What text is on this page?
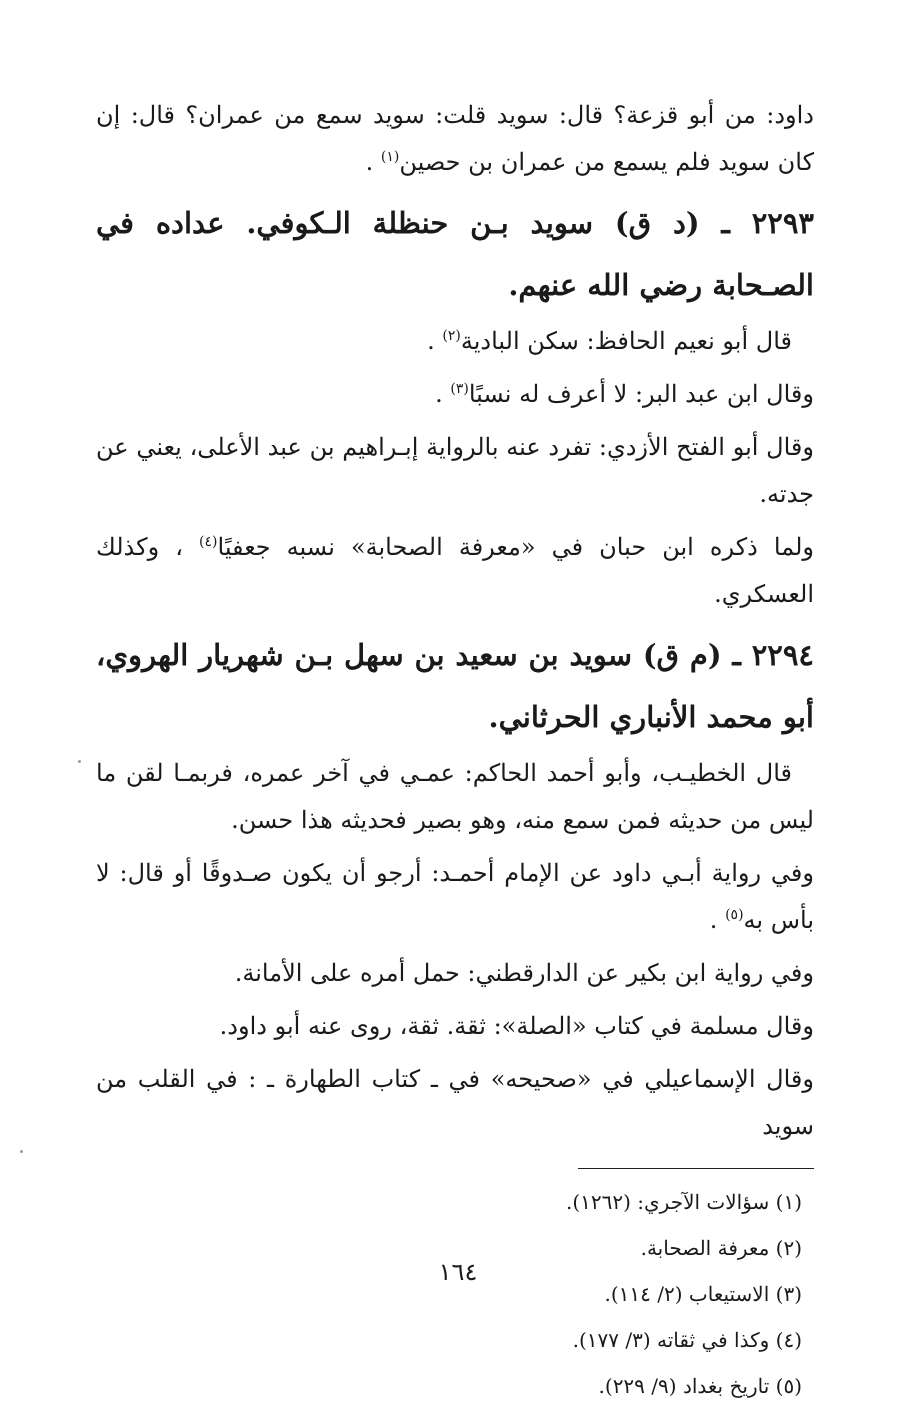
داود: من أبو قزعة؟ قال: سويد قلت: سويد سمع من عمران؟ قال: إن كان سويد فلم يسمع من عمران بن حصين$^{(١)}$ .

٢٢٩٣ ـ (د ق) سويد بـن حنظلة الـكوفي. عداده في الصـحابة رضي الله عنهم.

قال أبو نعيم الحافظ: سكن البادية$^{(٢)}$ .

وقال ابن عبد البر: لا أعرف له نسبًا$^{(٣)}$ .

وقال أبو الفتح الأزدي: تفرد عنه بالرواية إبـراهيم بن عبد الأعلى، يعني عن جدته.

ولما ذكره ابن حبان في «معرفة الصحابة» نسبه جعفيًا$^{(٤)}$ ، وكذلك العسكري.

٢٢٩٤ ـ (م ق) سويد بن سعيد بن سهل بـن شهريار الهروي، أبو محمد الأنباري الحرثاني.

قال الخطيـب، وأبو أحمد الحاكم: عمـي في آخر عمره، فربمـا لقن ما ليس من حديثه فمن سمع منه، وهو بصير فحديثه هذا حسن.

وفي رواية أبـي داود عن الإمام أحمـد: أرجو أن يكون صـدوقًا أو قال: لا بأس به$^{(٥)}$ .

وفي رواية ابن بكير عن الدارقطني: حمل أمره على الأمانة.

وقال مسلمة في كتاب «الصلة»: ثقة. ثقة، روى عنه أبو داود.

وقال الإسماعيلي في «صحيحه» في ـ كتاب الطهارة ـ : في القلب من سويد

(١) سؤالات الآجري: (١٢٦٢).
(٢) معرفة الصحابة.
(٣) الاستيعاب (٢/ ١١٤).
(٤) وكذا في ثقاته (٣/ ١٧٧).
(٥) تاريخ بغداد (٩/ ٢٢٩).
١٦٤
